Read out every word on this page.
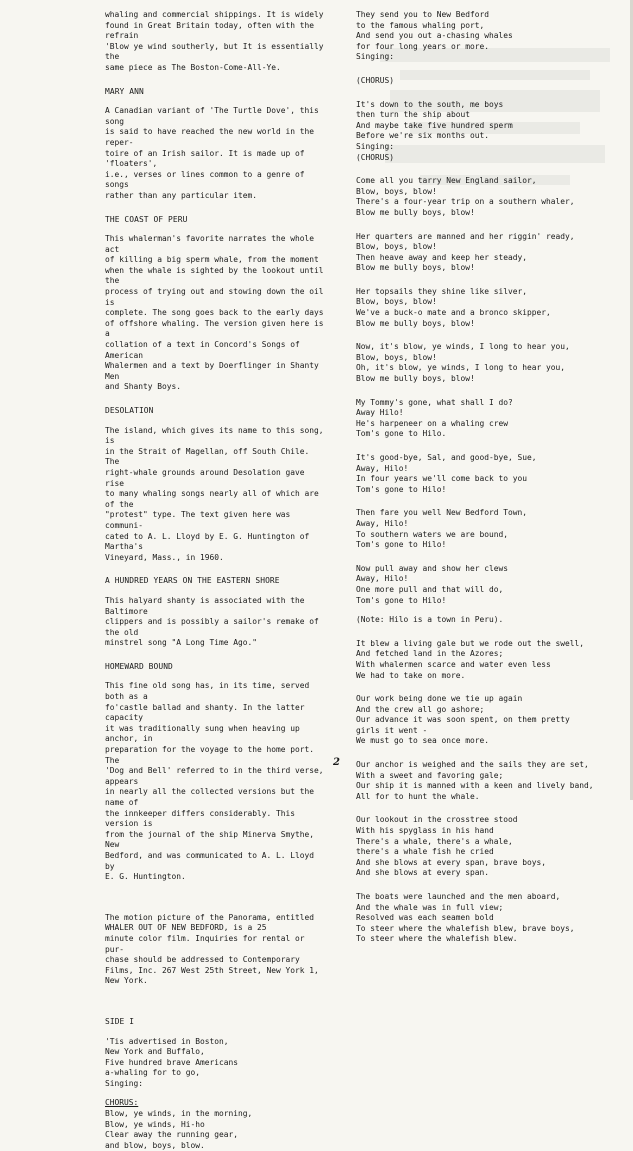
whaling and commercial shippings. It is widely
found in Great Britain today, often with the refrain
'Blow ye wind southerly, but It is essentially the
same piece as The Boston-Come-All-Ye.

MARY ANN

A Canadian variant of 'The Turtle Dove', this song
is said to have reached the new world in the reper-
toire of an Irish sailor. It is made up of 'floaters',
i.e., verses or lines common to a genre of songs
rather than any particular item.

THE COAST OF PERU

This whalerman's favorite narrates the whole act
of killing a big sperm whale, from the moment
when the whale is sighted by the lookout until the
process of trying out and stowing down the oil is
complete. The song goes back to the early days
of offshore whaling. The version given here is a
collation of a text in Concord's Songs of American
Whalermen and a text by Doerflinger in Shanty Men
and Shanty Boys.

DESOLATION

The island, which gives its name to this song, is
in the Strait of Magellan, off South Chile. The
right-whale grounds around Desolation gave rise
to many whaling songs nearly all of which are of the
"protest" type. The text given here was communi-
cated to A. L. Lloyd by E. G. Huntington of Martha's
Vineyard, Mass., in 1960.

A HUNDRED YEARS ON THE EASTERN SHORE

This halyard shanty is associated with the Baltimore
clippers and is possibly a sailor's remake of the old
minstrel song "A Long Time Ago."

HOMEWARD BOUND

This fine old song has, in its time, served both as a
fo'castle ballad and shanty. In the latter capacity
it was traditionally sung when heaving up anchor, in
preparation for the voyage to the home port. The
'Dog and Bell' referred to in the third verse, appears
in nearly all the collected versions but the name of
the innkeeper differs considerably. This version is
from the journal of the ship Minerva Smythe, New
Bedford, and was communicated to A. L. Lloyd by
E. G. Huntington.

The motion picture of the Panorama, entitled
WHALER OUT OF NEW BEDFORD, is a 25
minute color film. Inquiries for rental or pur-
chase should be addressed to Contemporary
Films, Inc. 267 West 25th Street, New York 1,
New York.

SIDE I

'Tis advertised in Boston,
New York and Buffalo,
Five hundred brave Americans
a-whaling for to go,
Singing:

CHORUS:

Blow, ye winds, in the morning,
Blow, ye winds, Hi-ho
Clear away the running gear,
and blow, boys, blow.

They send you to New Bedford
to the famous whaling port,
And send you out a-chasing whales
for four long years or more.
Singing:

(CHORUS)

It's down to the south, me boys
then turn the ship about
And maybe take five hundred sperm
Before we're six months out.
Singing:

(CHORUS)

Come all you tarry New England sailor,
Blow, boys, blow!
There's a four-year trip on a southern whaler,
Blow me bully boys, blow!

Her quarters are manned and her riggin' ready,
Blow, boys, blow!
Then heave away and keep her steady,
Blow me bully boys, blow!

Her topsails they shine like silver,
Blow, boys, blow!
We've a buck-o mate and a bronco skipper,
Blow me bully boys, blow!

Now, it's blow, ye winds, I long to hear you,
Blow, boys, blow!
Oh, it's blow, ye winds, I long to hear you,
Blow me bully boys, blow!

My Tommy's gone, what shall I do?
Away Hilo!
He's harpeneer on a whaling crew
Tom's gone to Hilo.

It's good-bye, Sal, and good-bye, Sue,
Away, Hilo!
In four years we'll come back to you
Tom's gone to Hilo!

Then fare you well New Bedford Town,
Away, Hilo!
To southern waters we are bound,
Tom's gone to Hilo!

Now pull away and show her clews
Away, Hilo!
One more pull and that will do,
Tom's gone to Hilo!

(Note: Hilo is a town in Peru).

It blew a living gale but we rode out the swell,
And fetched land in the Azores;
With whalermen scarce and water even less
We had to take on more.

Our work being done we tie up again
And the crew all go ashore;
Our advance it was soon spent, on them pretty
girls it went -
We must go to sea once more.

Our anchor is weighed and the sails they are set,
With a sweet and favoring gale;
Our ship it is manned with a keen and lively band,
All for to hunt the whale.

Our lookout in the crosstree stood
With his spyglass in his hand
There's a whale, there's a whale,
there's a whale fish he cried
And she blows at every span, brave boys,
And she blows at every span.

The boats were launched and the men aboard,
And the whale was in full view;
Resolved was each seamen bold
To steer where the whalefish blew, brave boys,
To steer where the whalefish blew.

2
